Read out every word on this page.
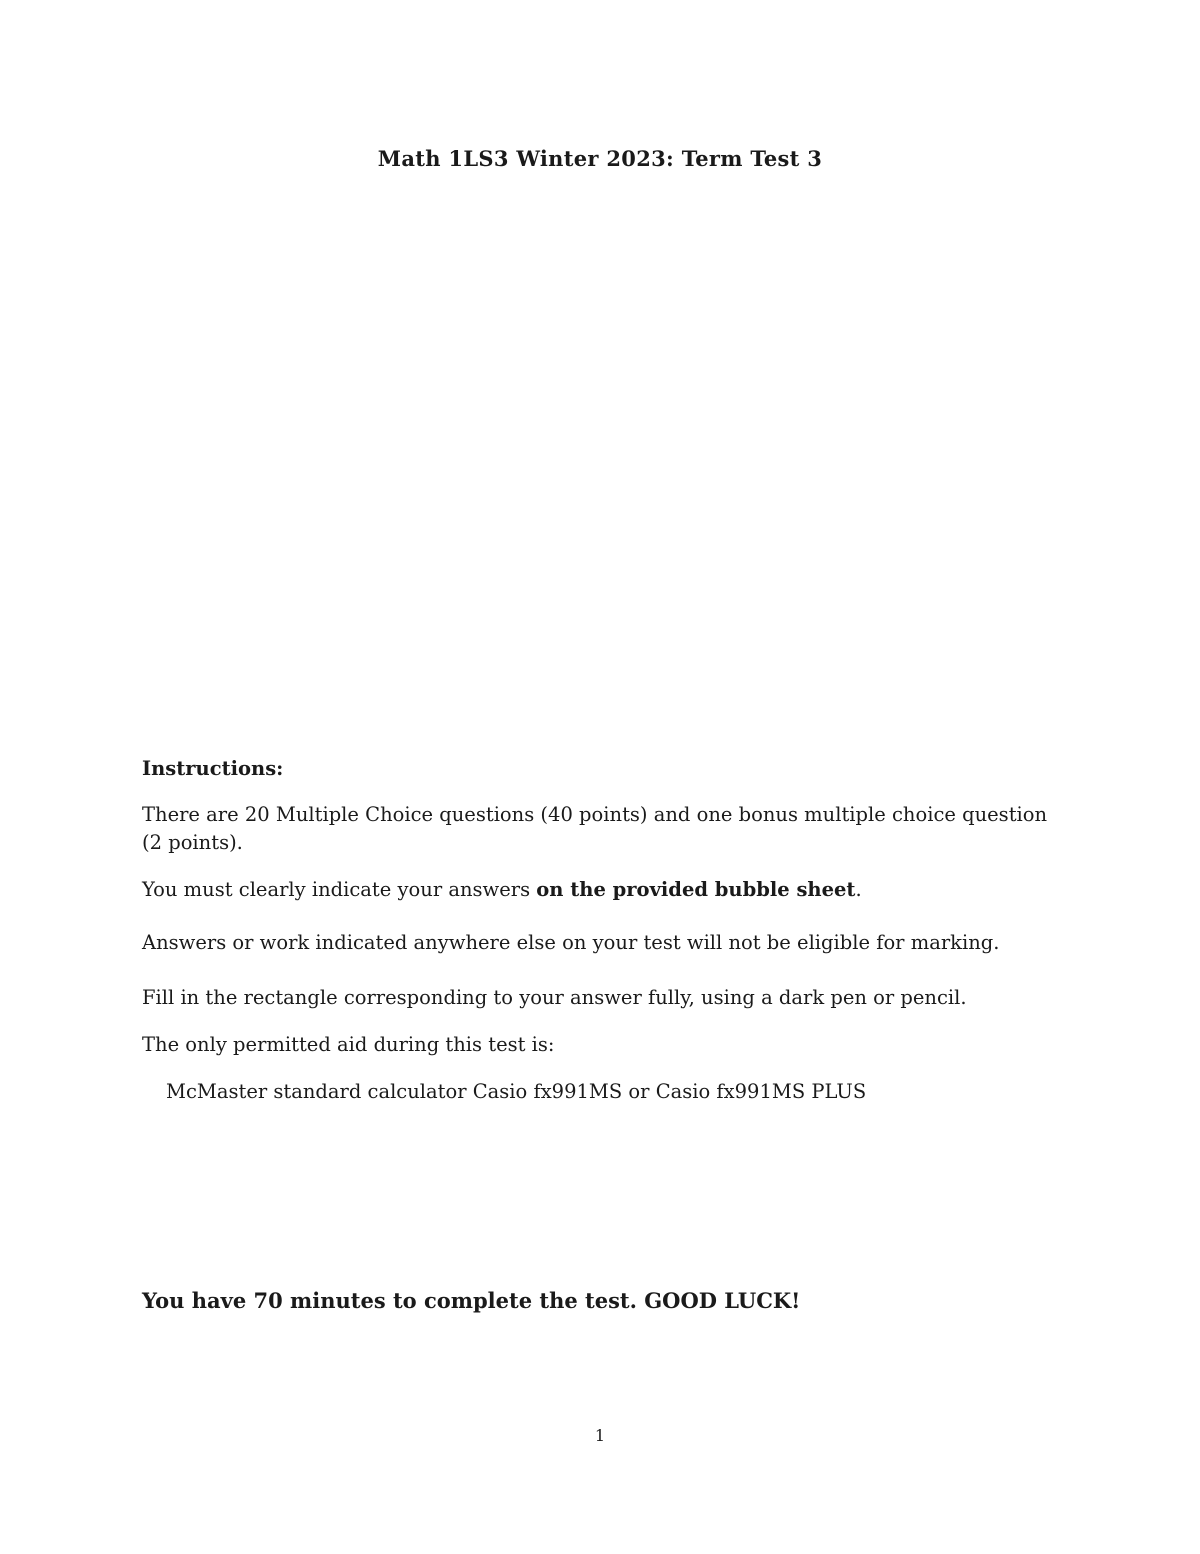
Math 1LS3 Winter 2023: Term Test 3
Instructions:
There are 20 Multiple Choice questions (40 points) and one bonus multiple choice question (2 points).
You must clearly indicate your answers on the provided bubble sheet.
Answers or work indicated anywhere else on your test will not be eligible for marking.
Fill in the rectangle corresponding to your answer fully, using a dark pen or pencil.
The only permitted aid during this test is:
McMaster standard calculator Casio fx991MS or Casio fx991MS PLUS
You have 70 minutes to complete the test. GOOD LUCK!
1
